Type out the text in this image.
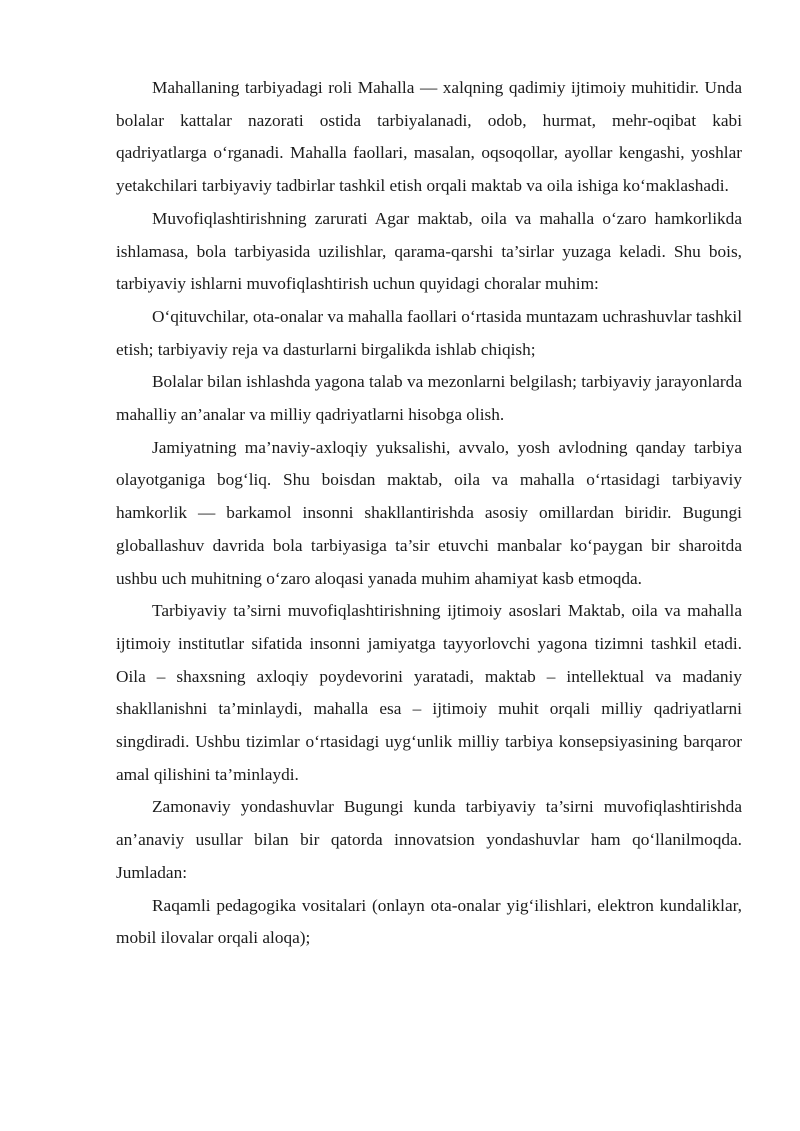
Mahallaning tarbiyadagi roli Mahalla — xalqning qadimiy ijtimoiy muhitidir. Unda bolalar kattalar nazorati ostida tarbiyalanadi, odob, hurmat, mehr-oqibat kabi qadriyatlarga o‘rganadi. Mahalla faollari, masalan, oqsoqollar, ayollar kengashi, yoshlar yetakchilari tarbiyaviy tadbirlar tashkil etish orqali maktab va oila ishiga ko‘maklashadi.

Muvofiqlashtirishning zarurati Agar maktab, oila va mahalla o‘zaro hamkorlikda ishlamasa, bola tarbiyasida uzilishlar, qarama-qarshi ta’sirlar yuzaga keladi. Shu bois, tarbiyaviy ishlarni muvofiqlashtirish uchun quyidagi choralar muhim:

O‘qituvchilar, ota-onalar va mahalla faollari o‘rtasida muntazam uchrashuvlar tashkil etish; tarbiyaviy reja va dasturlarni birgalikda ishlab chiqish;

Bolalar bilan ishlashda yagona talab va mezonlarni belgilash; tarbiyaviy jarayonlarda mahalliy an’analar va milliy qadriyatlarni hisobga olish.

Jamiyatning ma’naviy-axloqiy yuksalishi, avvalo, yosh avlodning qanday tarbiya olayotganiga bog‘liq. Shu boisdan maktab, oila va mahalla o‘rtasidagi tarbiyaviy hamkorlik — barkamol insonni shakllantirishda asosiy omillardan biridir. Bugungi globallashuv davrida bola tarbiyasiga ta’sir etuvchi manbalar ko‘paygan bir sharoitda ushbu uch muhitning o‘zaro aloqasi yanada muhim ahamiyat kasb etmoqda.

Tarbiyaviy ta’sirni muvofiqlashtirishning ijtimoiy asoslari Maktab, oila va mahalla ijtimoiy institutlar sifatida insonni jamiyatga tayyorlovchi yagona tizimni tashkil etadi. Oila – shaxsning axloqiy poydevorini yaratadi, maktab – intellektual va madaniy shakllanishni ta’minlaydi, mahalla esa – ijtimoiy muhit orqali milliy qadriyatlarni singdiradi. Ushbu tizimlar o‘rtasidagi uyg‘unlik milliy tarbiya konsepsiyasining barqaror amal qilishini ta’minlaydi.

Zamonaviy yondashuvlar Bugungi kunda tarbiyaviy ta’sirni muvofiqlashtirishda an’anaviy usullar bilan bir qatorda innovatsion yondashuvlar ham qo‘llanilmoqda. Jumladan:

Raqamli pedagogika vositalari (onlayn ota-onalar yig‘ilishlari, elektron kundaliklar, mobil ilovalar orqali aloqa);
